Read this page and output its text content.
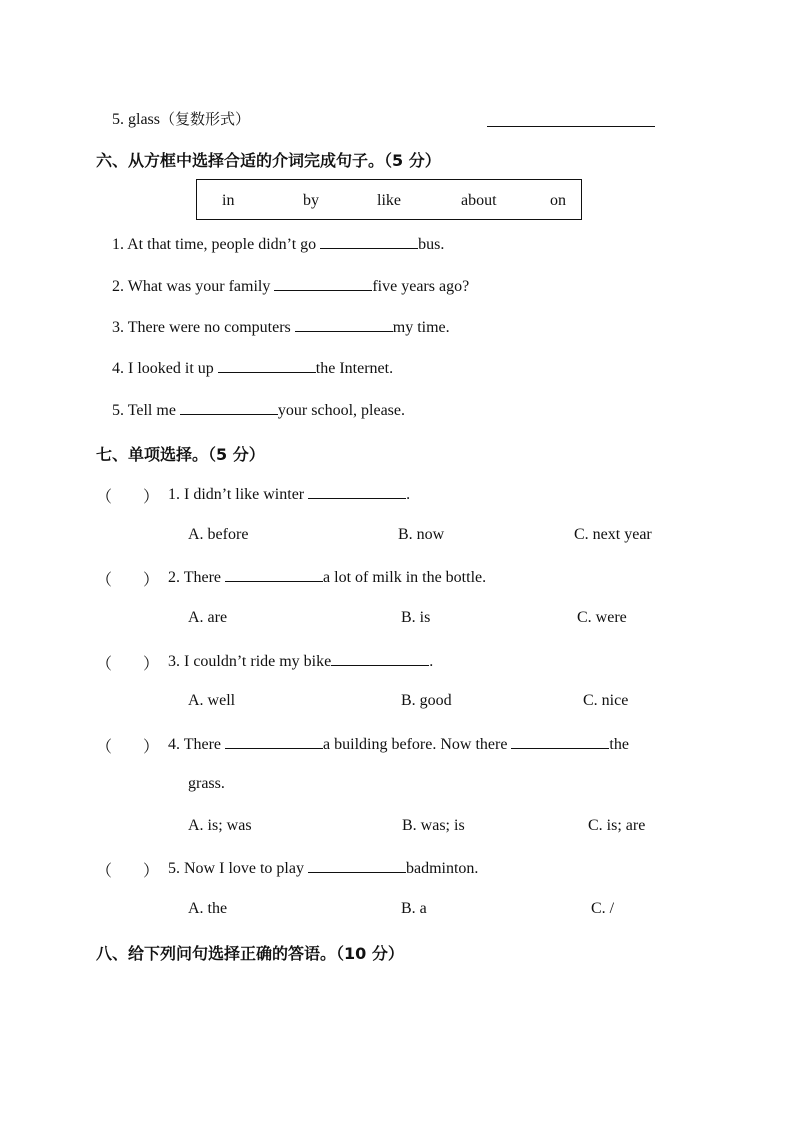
5. glass（复数形式）
六、从方框中选择合适的介词完成句子。（5 分）
in	by	like	about	on
1. At that time, people didn’t go	bus.
2. What was your family	five years ago?
3. There were no computers	my time.
4. I looked it up	the Internet.
5. Tell me	your school, please.
七、单项选择。（5 分）
（ ） 1. I didn’t like winter	.
A. before	B. now	C. next year
（ ） 2. There	a lot of milk in the bottle.
A. are	B. is	C. were
（ ） 3. I couldn’t ride my bike	.
A. well	B. good	C. nice
（ ） 4. There	a building before. Now there	the
grass.
A. is; was	B. was; is	C. is; are
（ ） 5. Now I love to play	badminton.
A. the	B. a	C. /
八、给下列问句选择正确的答语。（10 分）
